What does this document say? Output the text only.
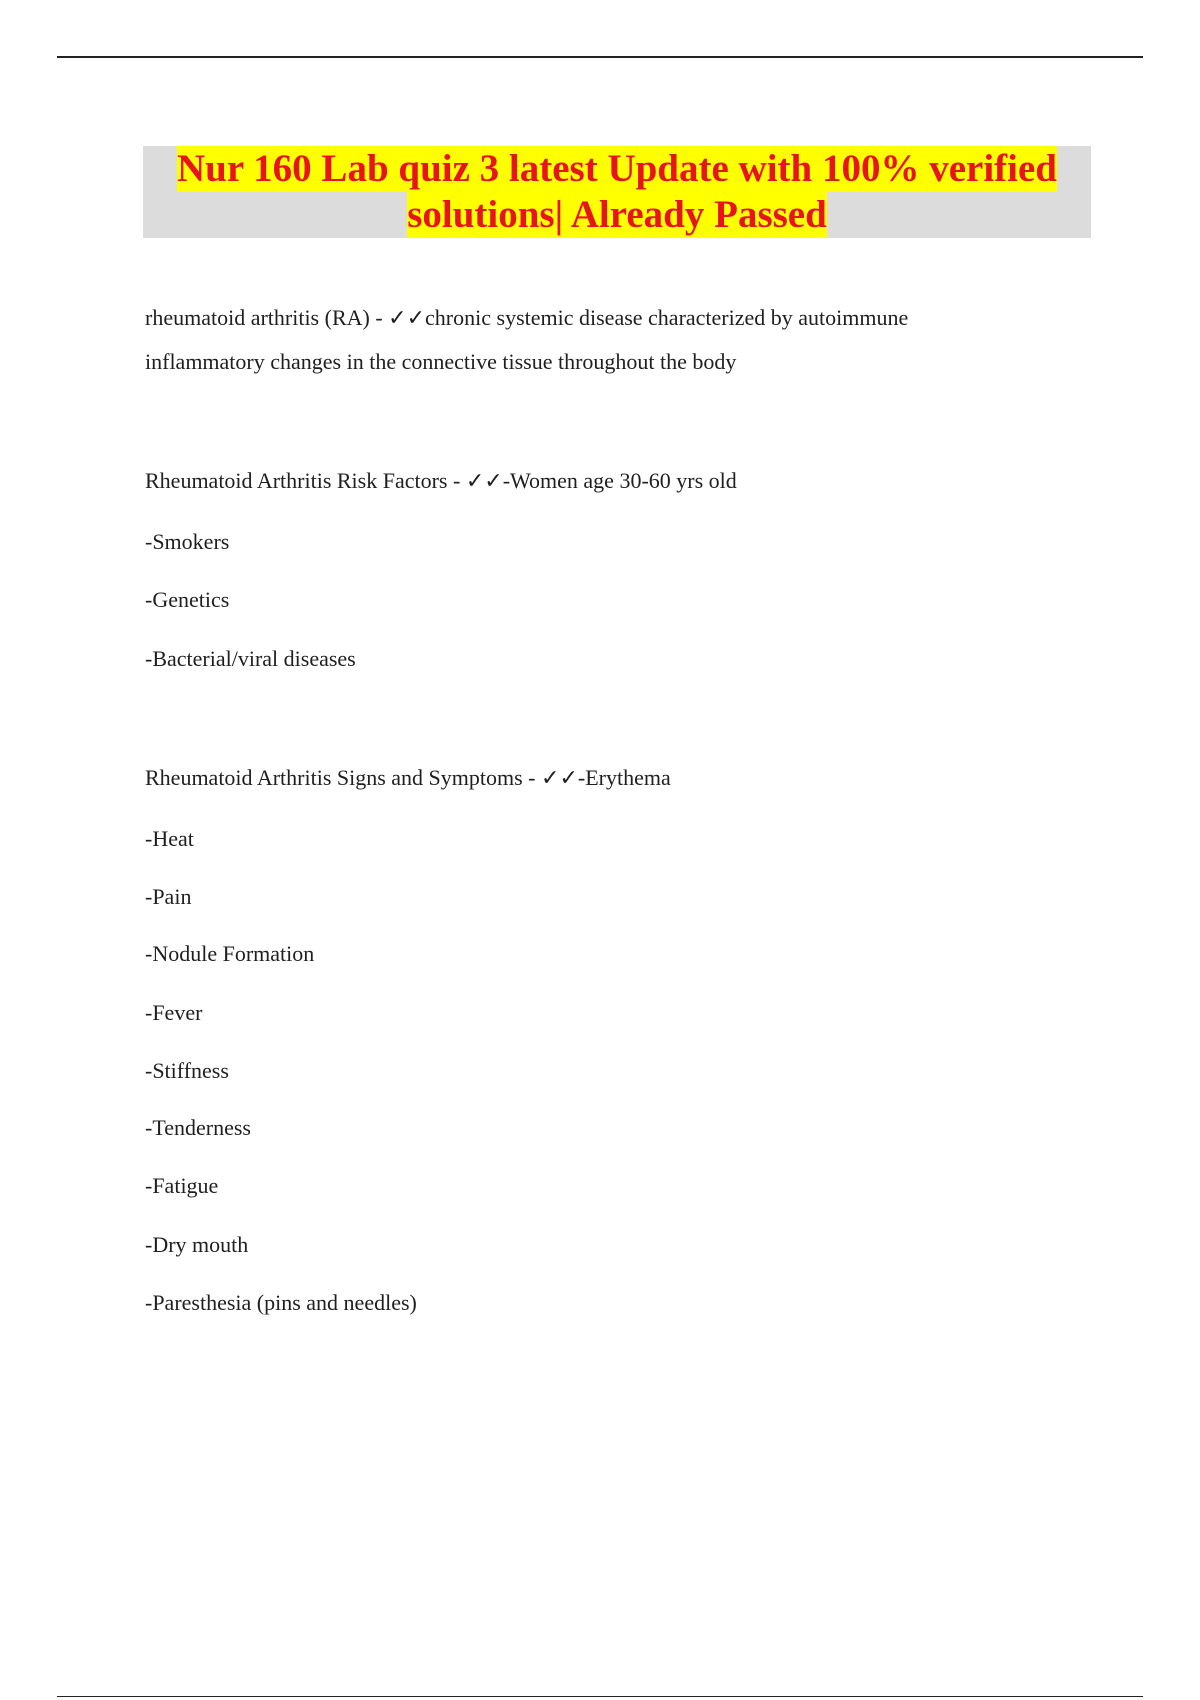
Nur 160 Lab quiz 3 latest Update with 100% verified
solutions| Already Passed
rheumatoid arthritis (RA) - ✓✓chronic systemic disease characterized by autoimmune
inflammatory changes in the connective tissue throughout the body
Rheumatoid Arthritis Risk Factors - ✓✓-Women age 30-60 yrs old
-Smokers
-Genetics
-Bacterial/viral diseases
Rheumatoid Arthritis Signs and Symptoms - ✓✓-Erythema
-Heat
-Pain
-Nodule Formation
-Fever
-Stiffness
-Tenderness
-Fatigue
-Dry mouth
-Paresthesia (pins and needles)
